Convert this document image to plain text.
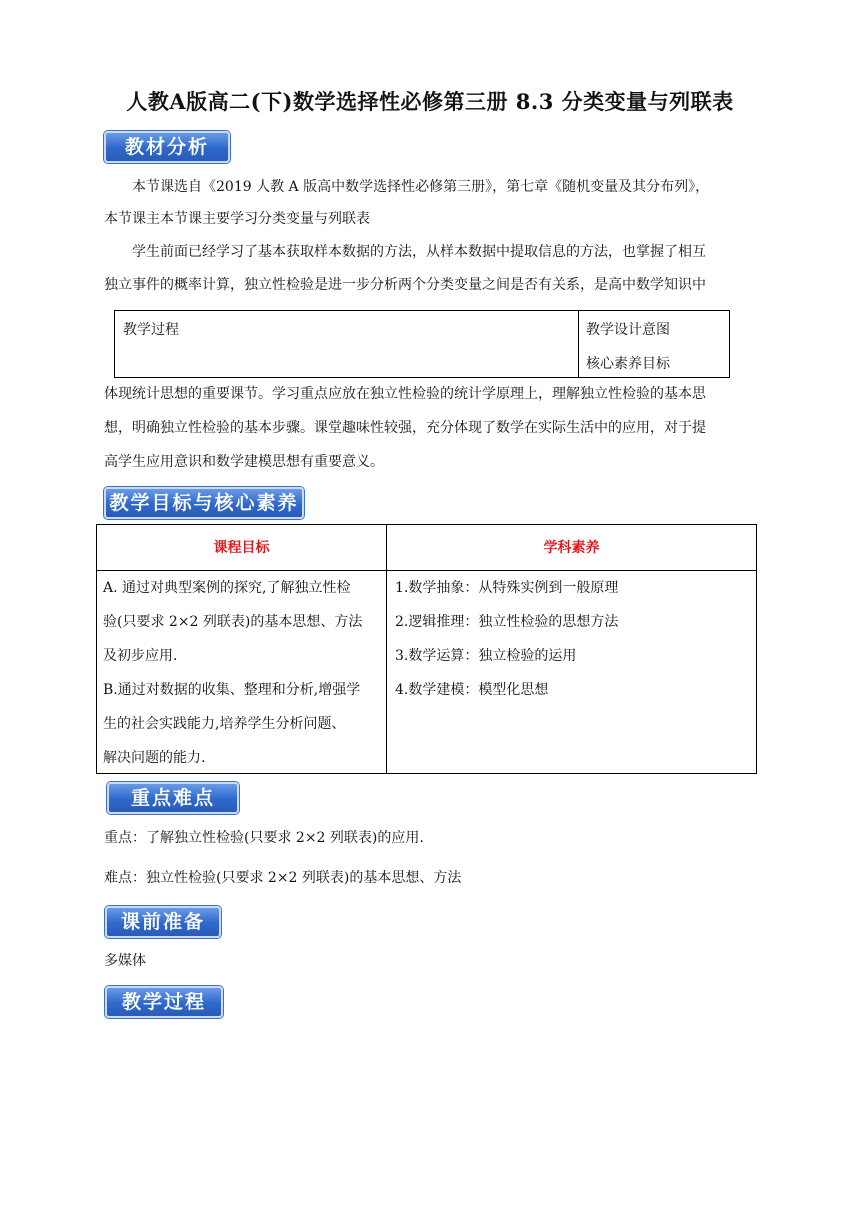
人教A版高二(下)数学选择性必修第三册 8.3 分类变量与列联表
教材分析
本节课选自《2019 人教 A 版高中数学选择性必修第三册》，第七章《随机变量及其分布列》，
本节课主本节课主要学习分类变量与列联表
学生前面已经学习了基本获取样本数据的方法，从样本数据中提取信息的方法，也掌握了相互
独立事件的概率计算，独立性检验是进一步分析两个分类变量之间是否有关系，是高中数学知识中
教学过程	教学设计意图
核心素养目标
体现统计思想的重要课节。学习重点应放在独立性检验的统计学原理上，理解独立性检验的基本思
想，明确独立性检验的基本步骤。课堂趣味性较强，充分体现了数学在实际生活中的应用，对于提
高学生应用意识和数学建模思想有重要意义。
教学目标与核心素养
课程目标	学科素养
A. 通过对典型案例的探究,了解独立性检
验(只要求 2×2 列联表)的基本思想、方法
及初步应用.
B.通过对数据的收集、整理和分析,增强学
生的社会实践能力,培养学生分析问题、
解决问题的能力.
1.数学抽象：从特殊实例到一般原理
2.逻辑推理：独立性检验的思想方法
3.数学运算：独立检验的运用
4.数学建模：模型化思想
重点难点
重点：了解独立性检验(只要求 2×2 列联表)的应用.
难点：独立性检验(只要求 2×2 列联表)的基本思想、方法
课前准备
多媒体
教学过程
